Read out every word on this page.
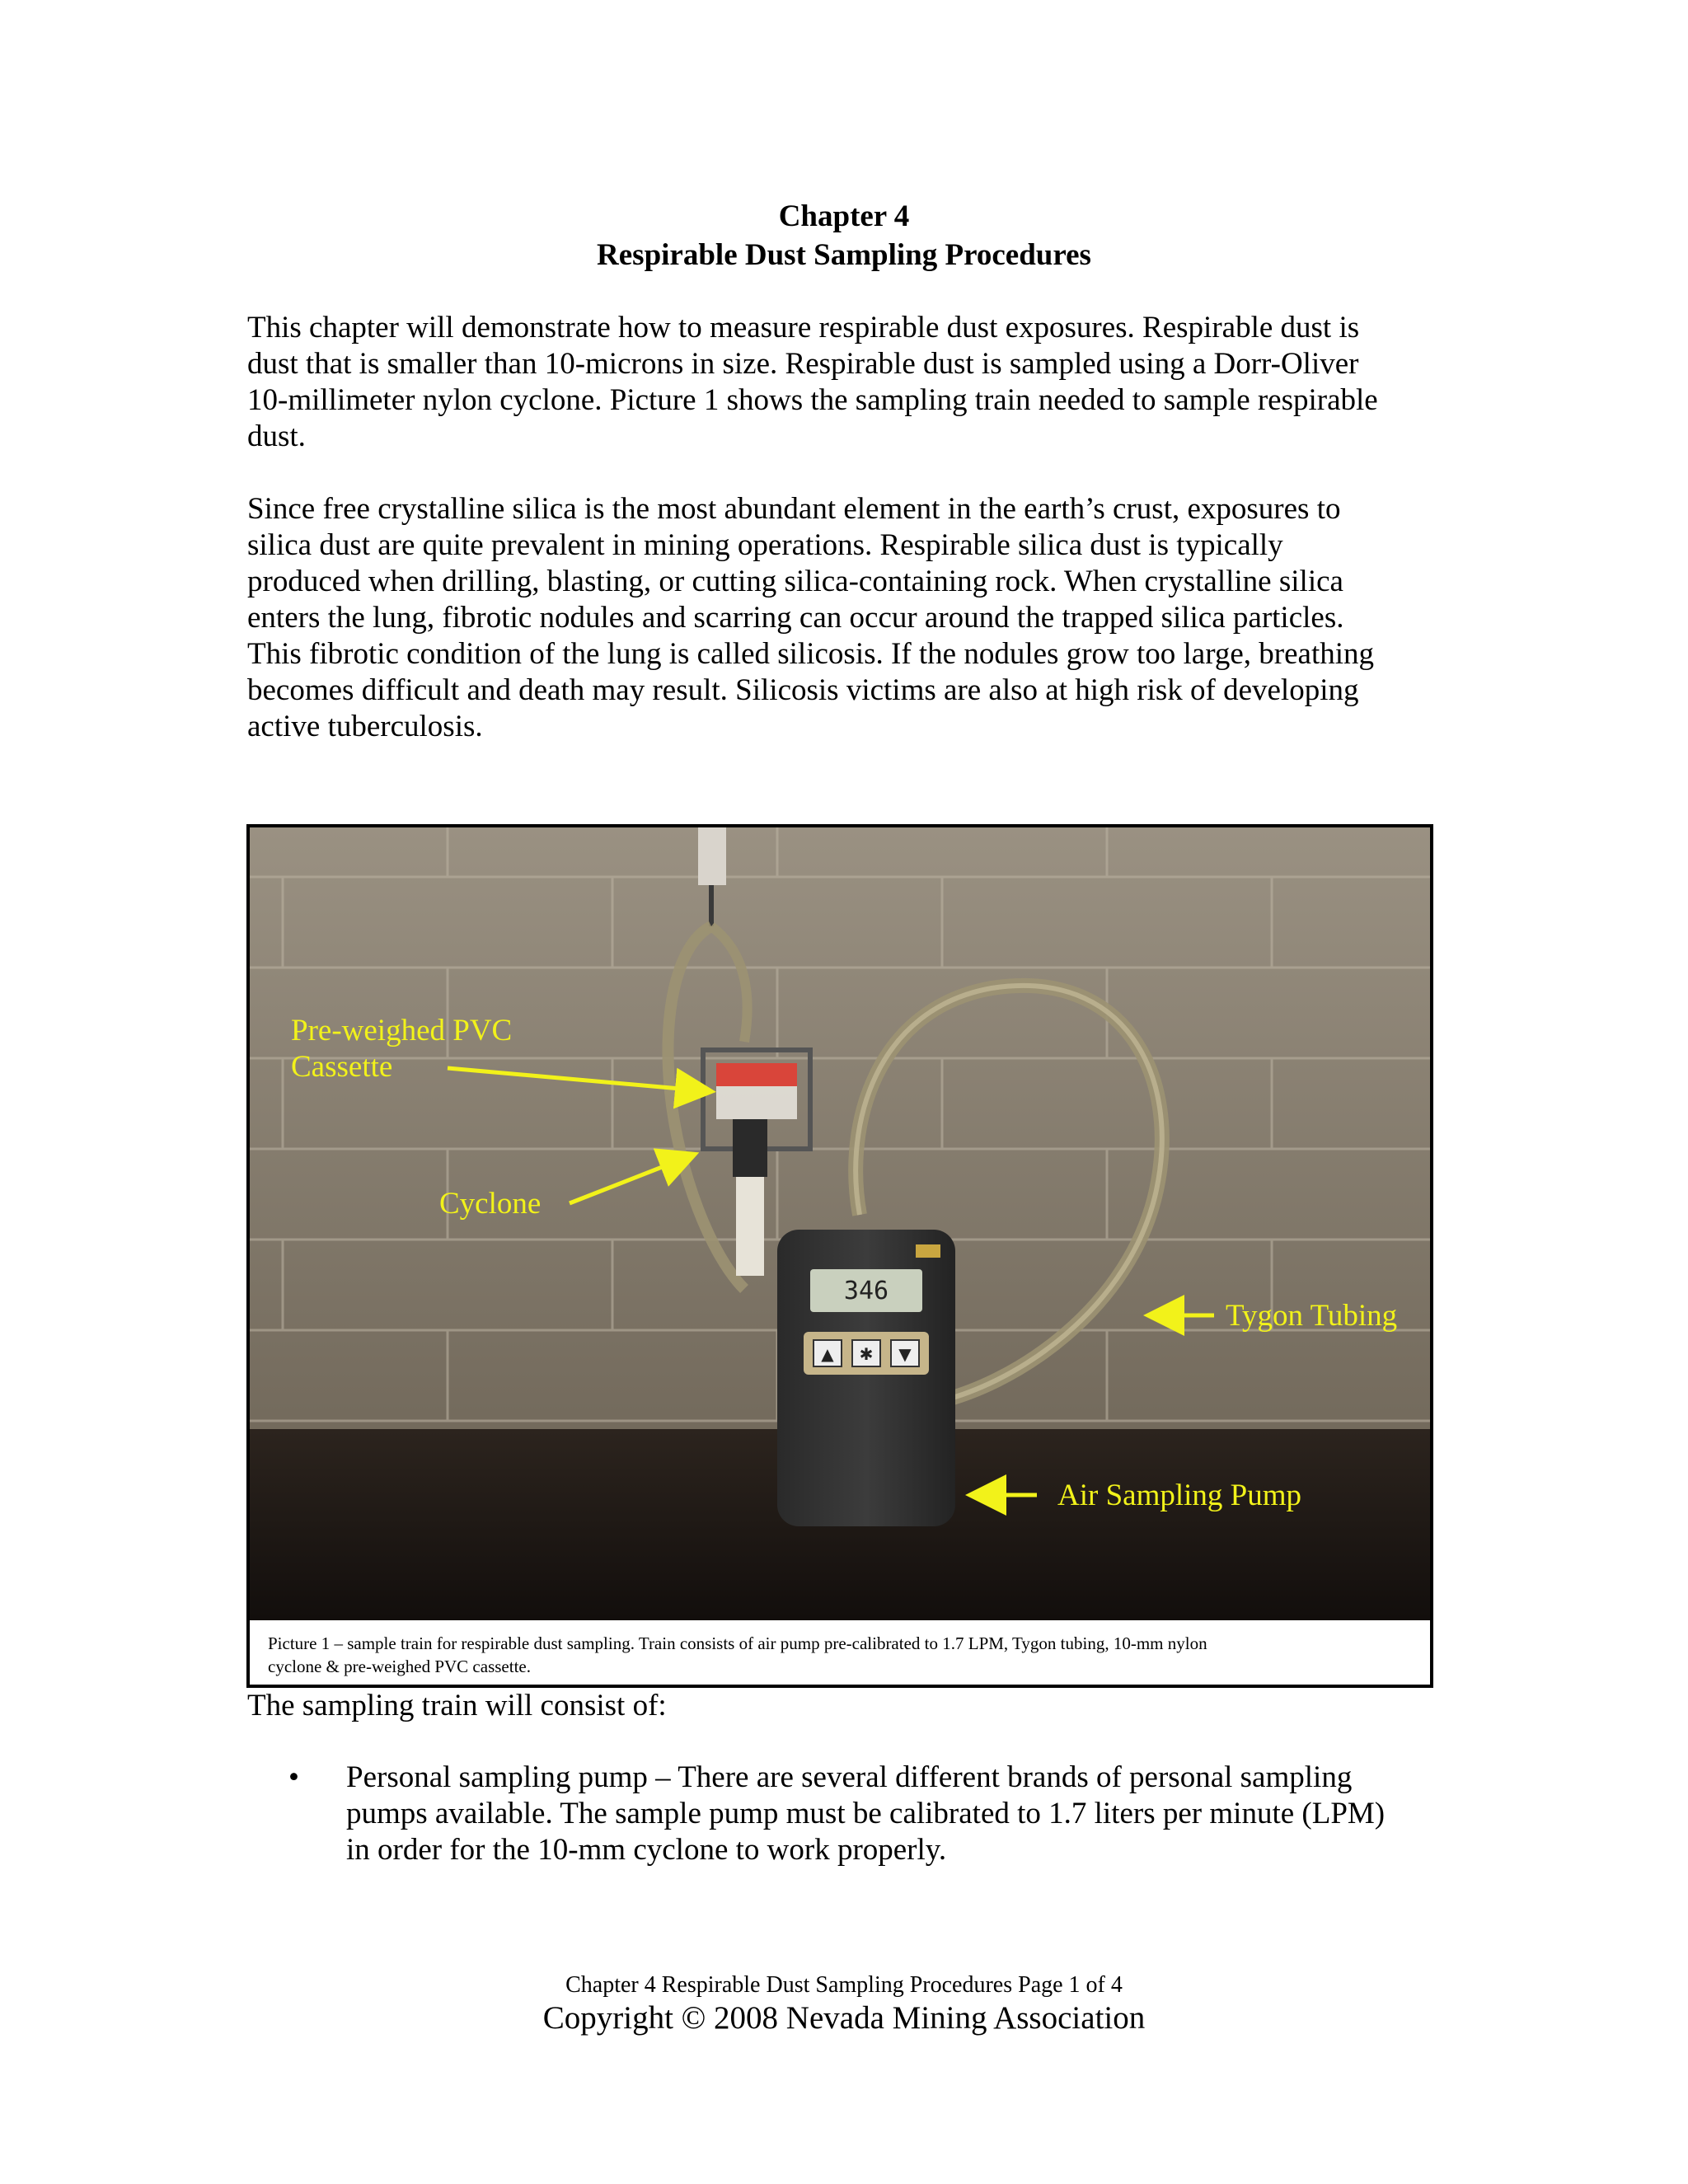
Chapter 4
Respirable Dust Sampling Procedures
This chapter will demonstrate how to measure respirable dust exposures. Respirable dust is
dust that is smaller than 10-microns in size. Respirable dust is sampled using a Dorr-Oliver
10-millimeter nylon cyclone. Picture 1 shows the sampling train needed to sample respirable
dust.
Since free crystalline silica is the most abundant element in the earth’s crust, exposures to
silica dust are quite prevalent in mining operations. Respirable silica dust is typically
produced when drilling, blasting, or cutting silica-containing rock. When crystalline silica
enters the lung, fibrotic nodules and scarring can occur around the trapped silica particles.
This fibrotic condition of the lung is called silicosis. If the nodules grow too large, breathing
becomes difficult and death may result. Silicosis victims are also at high risk of developing
active tuberculosis.
346
▲ ✱ ▼
Pre-weighed PVC
Cassette
Cyclone
Tygon Tubing
Air Sampling Pump
Picture 1 – sample train for respirable dust sampling. Train consists of air pump pre-calibrated to 1.7 LPM, Tygon tubing, 10-mm nylon
cyclone & pre-weighed PVC cassette.
The sampling train will consist of:
• Personal sampling pump – There are several different brands of personal sampling
pumps available. The sample pump must be calibrated to 1.7 liters per minute (LPM)
in order for the 10-mm cyclone to work properly.
Chapter 4 Respirable Dust Sampling Procedures Page 1 of 4
Copyright © 2008 Nevada Mining Association
